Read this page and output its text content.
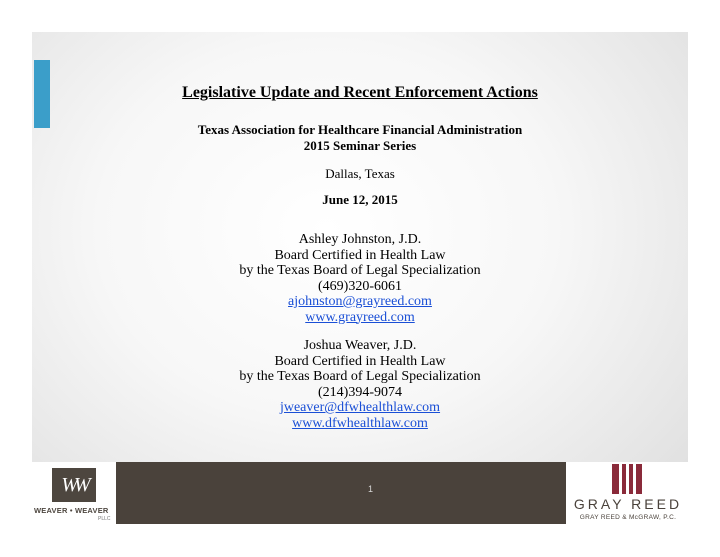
Legislative Update and Recent Enforcement Actions
Texas Association for Healthcare Financial Administration
2015 Seminar Series
Dallas, Texas
June 12, 2015
Ashley Johnston, J.D.
Board Certified in Health Law
by the Texas Board of Legal Specialization
(469)320-6061
ajohnston@grayreed.com
www.grayreed.com
Joshua Weaver, J.D.
Board Certified in Health Law
by the Texas Board of Legal Specialization
(214)394-9074
jweaver@dfwhealthlaw.com
www.dfwhealthlaw.com
WW
WEAVER • WEAVER
PLLC
1
GRAY REED
GRAY REED & McGRAW, P.C.
